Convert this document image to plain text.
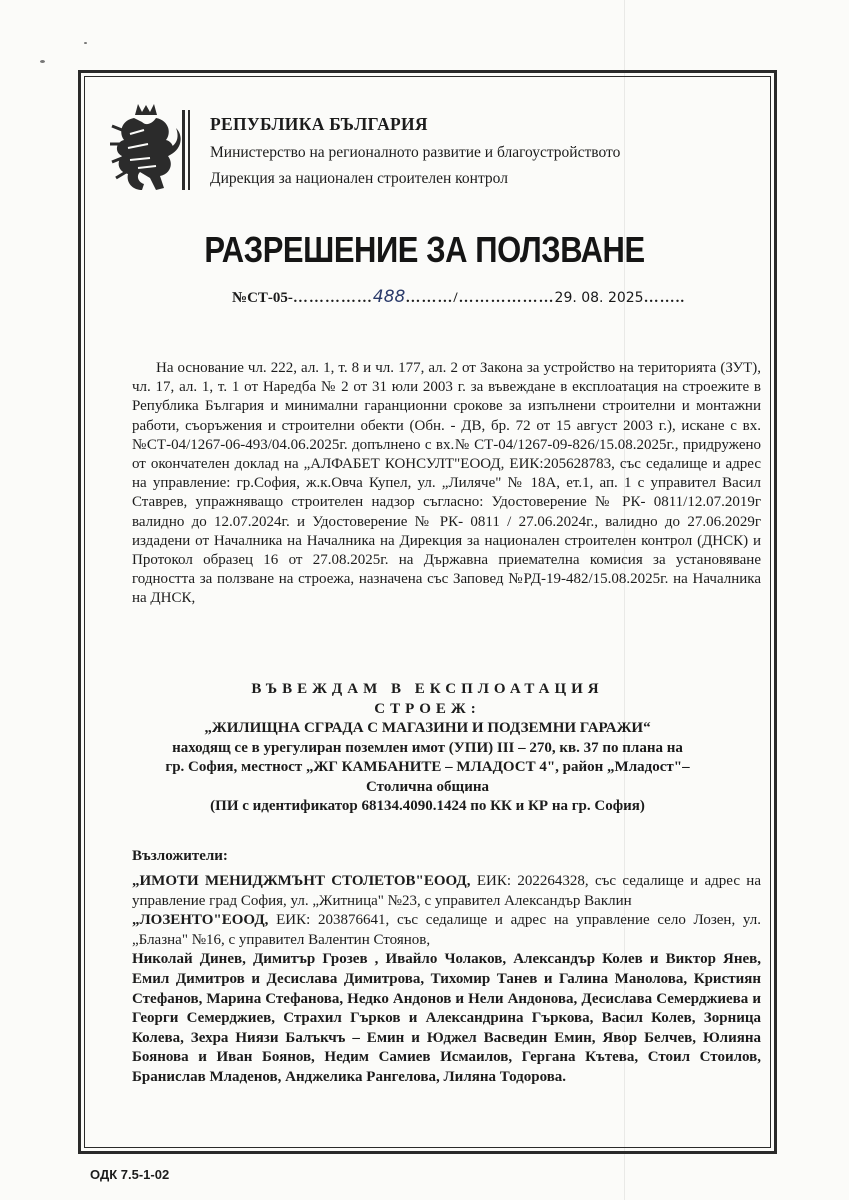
РЕПУБЛИКА БЪЛГАРИЯ
Министерство на регионалното развитие и благоустройството
Дирекция за национален строителен контрол
РАЗРЕШЕНИЕ ЗА ПОЛЗВАНЕ
№СТ-05-……………488………/………………29. 08. 2025……..
На основание чл. 222, ал. 1, т. 8 и чл. 177, ал. 2 от Закона за устройство на територията (ЗУТ), чл. 17, ал. 1, т. 1 от Наредба № 2 от 31 юли 2003 г. за въвеждане в експлоатация на строежите в Република България и минимални гаранционни срокове за изпълнени строителни и монтажни работи, съоръжения и строителни обекти (Обн. - ДВ, бр. 72 от 15 август 2003 г.), искане с вх.№СТ-04/1267-06-493/04.06.2025г. допълнено с вх.№ СТ-04/1267-09-826/15.08.2025г., придружено от окончателен доклад на „АЛФАБЕТ КОНСУЛТ"ЕООД, ЕИК:205628783, със седалище и адрес на управление: гр.София, ж.к.Овча Купел, ул. „Лиляче" № 18А, ет.1, ап. 1 с управител Васил Ставрев, упражняващо строителен надзор съгласно: Удостоверение № РК- 0811/12.07.2019г валидно до 12.07.2024г. и Удостоверение № РК- 0811 / 27.06.2024г., валидно до 27.06.2029г издадени от Началника на Началника на Дирекция за национален строителен контрол (ДНСК) и Протокол образец 16 от 27.08.2025г. на Държавна приемателна комисия за установяване годността за ползване на строежа, назначена със Заповед №РД-19-482/15.08.2025г. на Началника на ДНСК,
ВЪВЕЖДАМ В ЕКСПЛОАТАЦИЯ
СТРОЕЖ:
„ЖИЛИЩНА СГРАДА С МАГАЗИНИ И ПОДЗЕМНИ ГАРАЖИ“
находящ се в урегулиран поземлен имот (УПИ) III – 270, кв. 37 по плана на
гр. София, местност „ЖГ КАМБАНИТЕ – МЛАДОСТ 4", район „Младост"–
Столична община
(ПИ с идентификатор 68134.4090.1424 по КК и КР на гр. София)
Възложители:

„ИМОТИ МЕНИДЖМЪНТ СТОЛЕТОВ"ЕООД, ЕИК: 202264328, със седалище и адрес на управление град София, ул. „Житница" №23, с управител Александър Ваклин

„ЛОЗЕНТО"ЕООД, ЕИК: 203876641, със седалище и адрес на управление село Лозен, ул. „Блазна" №16, с управител Валентин Стоянов,

Николай Динев, Димитър Грозев , Ивайло Чолаков, Александър Колев и Виктор Янев, Емил Димитров и Десислава Димитрова, Тихомир Танев и Галина Манолова, Кристиян Стефанов, Марина Стефанова, Недко Андонов и Нели Андонова, Десислава Семерджиева и Георги Семерджиев, Страхил Гърков и Александрина Гъркова, Васил Колев, Зорница Колева, Зехра Ниязи Балъкчъ – Емин и Юджел Васведин Емин, Явор Белчев, Юлияна Боянова и Иван Боянов, Недим Самиев Исмаилов, Гергана Кътева, Стоил Стоилов, Бранислав Младенов, Анджелика Рангелова, Лиляна Тодорова.

ОДК 7.5-1-02
